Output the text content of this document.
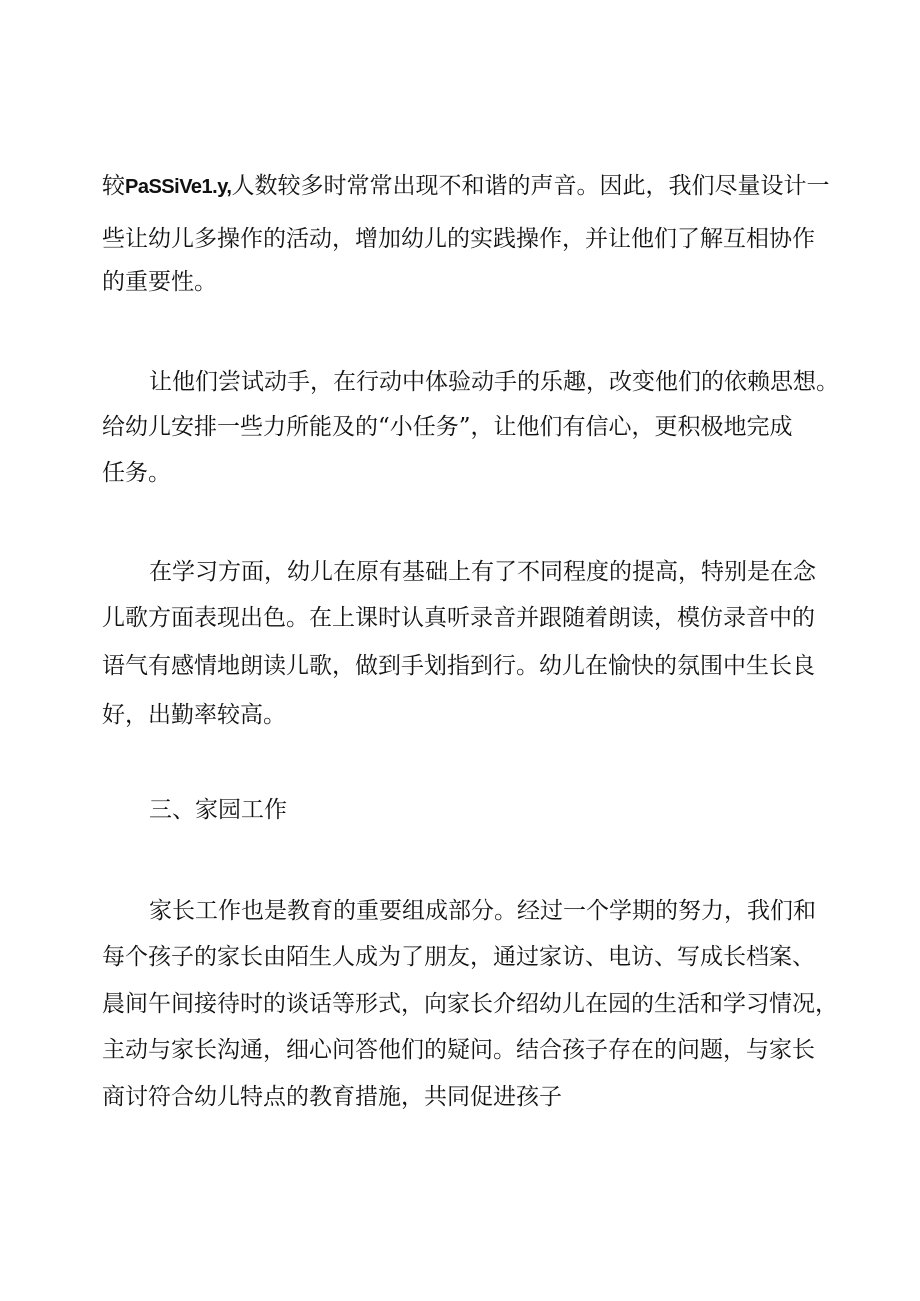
较PaSSiVe1.y,人数较多时常常出现不和谐的声音。因此，我们尽量设计一
些让幼儿多操作的活动，增加幼儿的实践操作，并让他们了解互相协作
的重要性。
让他们尝试动手，在行动中体验动手的乐趣，改变他们的依赖思想。
给幼儿安排一些力所能及的“小任务”，让他们有信心，更积极地完成
任务。
在学习方面，幼儿在原有基础上有了不同程度的提高，特别是在念
儿歌方面表现出色。在上课时认真听录音并跟随着朗读，模仿录音中的
语气有感情地朗读儿歌，做到手划指到行。幼儿在愉快的氛围中生长良
好，出勤率较高。
三、家园工作
家长工作也是教育的重要组成部分。经过一个学期的努力，我们和
每个孩子的家长由陌生人成为了朋友，通过家访、电访、写成长档案、
晨间午间接待时的谈话等形式，向家长介绍幼儿在园的生活和学习情况，
主动与家长沟通，细心问答他们的疑问。结合孩子存在的问题，与家长
商讨符合幼儿特点的教育措施，共同促进孩子
